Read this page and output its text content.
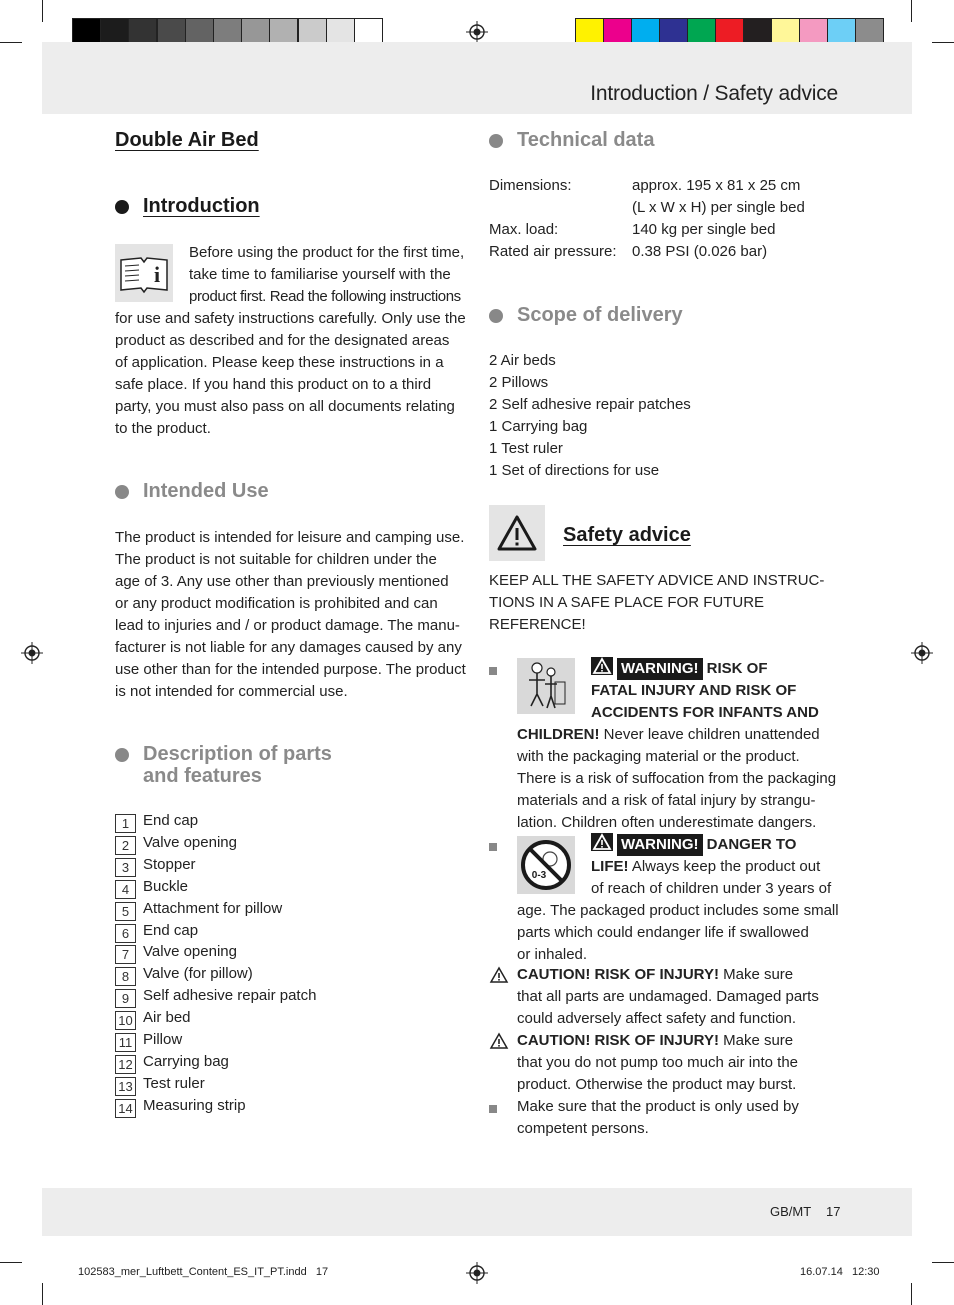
Introduction / Safety advice
Double Air Bed
Introduction
i
Before using the product for the first time,
take time to familiarise yourself with the
product first. Read the following instructions
for use and safety instructions carefully. Only use the
product as described and for the designated areas
of application. Please keep these instructions in a
safe place. If you hand this product on to a third
party, you must also pass on all documents relating
to the product.
Intended Use
The product is intended for leisure and camping use.
The product is not suitable for children under the
age of 3. Any use other than previously mentioned
or any product modification is prohibited and can
lead to injuries and / or product damage. The manu-
facturer is not liable for any damages caused by any
use other than for the intended purpose. The product
is not intended for commercial use.
Description of parts
and features
1 End cap
2 Valve opening
3 Stopper
4 Buckle
5 Attachment for pillow
6 End cap
7 Valve opening
8 Valve (for pillow)
9 Self adhesive repair patch
10 Air bed
11 Pillow
12 Carrying bag
13 Test ruler
14 Measuring strip
Technical data
Dimensions:	approx. 195 x 81 x 25 cm
(L x W x H) per single bed
Max. load:	140 kg per single bed
Rated air pressure: 0.38 PSI (0.026 bar)
Scope of delivery
2 Air beds
2 Pillows
2 Self adhesive repair patches
1 Carrying bag
1 Test ruler
1 Set of directions for use
Safety advice
KEEP ALL THE SAFETY ADVICE AND INSTRUC-
TIONS IN A SAFE PLACE FOR FUTURE
REFERENCE!
WARNING! RISK OF
FATAL INJURY AND RISK OF
ACCIDENTS FOR INFANTS AND
CHILDREN! Never leave children unattended
with the packaging material or the product.
There is a risk of suffocation from the packaging
materials and a risk of fatal injury by strangu-
lation. Children often underestimate dangers.
0-3
WARNING! DANGER TO
LIFE! Always keep the product out
of reach of children under 3 years of
age. The packaged product includes some small
parts which could endanger life if swallowed
or inhaled.
CAUTION! RISK OF INJURY! Make sure
that all parts are undamaged. Damaged parts
could adversely affect safety and function.
CAUTION! RISK OF INJURY! Make sure
that you do not pump too much air into the
product. Otherwise the product may burst.
Make sure that the product is only used by
competent persons.
GB/MT 17
102583_mer_Luftbett_Content_ES_IT_PT.indd   17	16.07.14   12:30
